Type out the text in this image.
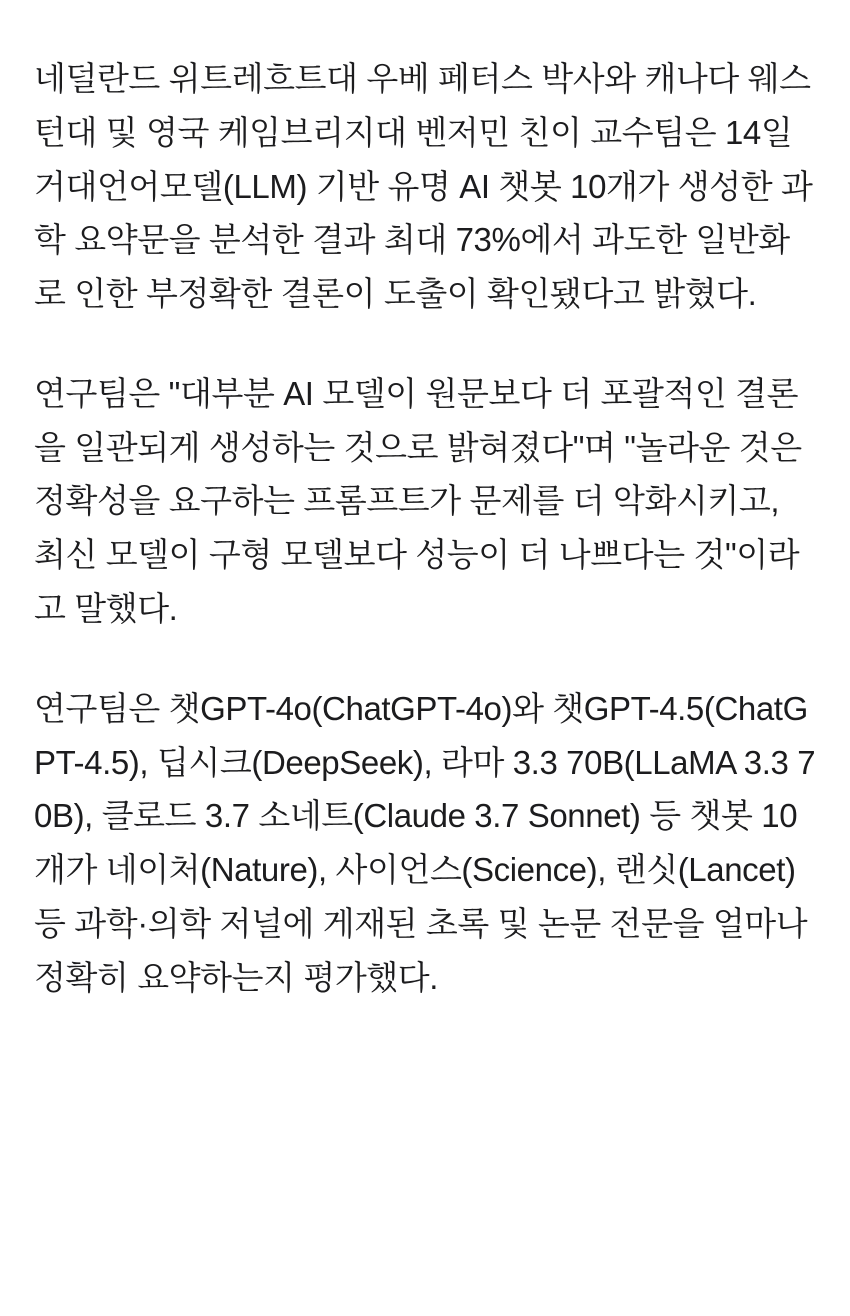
네덜란드 위트레흐트대 우베 페터스 박사와 캐나다 웨스턴대 및 영국 케임브리지대 벤저민 친이 교수팀은 14일 거대언어모델(LLM) 기반 유명 AI 챗봇 10개가 생성한 과학 요약문을 분석한 결과 최대 73%에서 과도한 일반화로 인한 부정확한 결론이 도출이 확인됐다고 밝혔다.

연구팀은 "대부분 AI 모델이 원문보다 더 포괄적인 결론을 일관되게 생성하는 것으로 밝혀졌다"며 "놀라운 것은 정확성을 요구하는 프롬프트가 문제를 더 악화시키고, 최신 모델이 구형 모델보다 성능이 더 나쁘다는 것"이라고 말했다.

연구팀은 챗GPT-4o(ChatGPT-4o)와 챗GPT-4.5(ChatGPT-4.5), 딥시크(DeepSeek), 라마 3.3 70B(LLaMA 3.3 70B), 클로드 3.7 소네트(Claude 3.7 Sonnet) 등 챗봇 10개가 네이처(Nature), 사이언스(Science), 랜싯(Lancet) 등 과학·의학 저널에 게재된 초록 및 논문 전문을 얼마나 정확히 요약하는지 평가했다.
